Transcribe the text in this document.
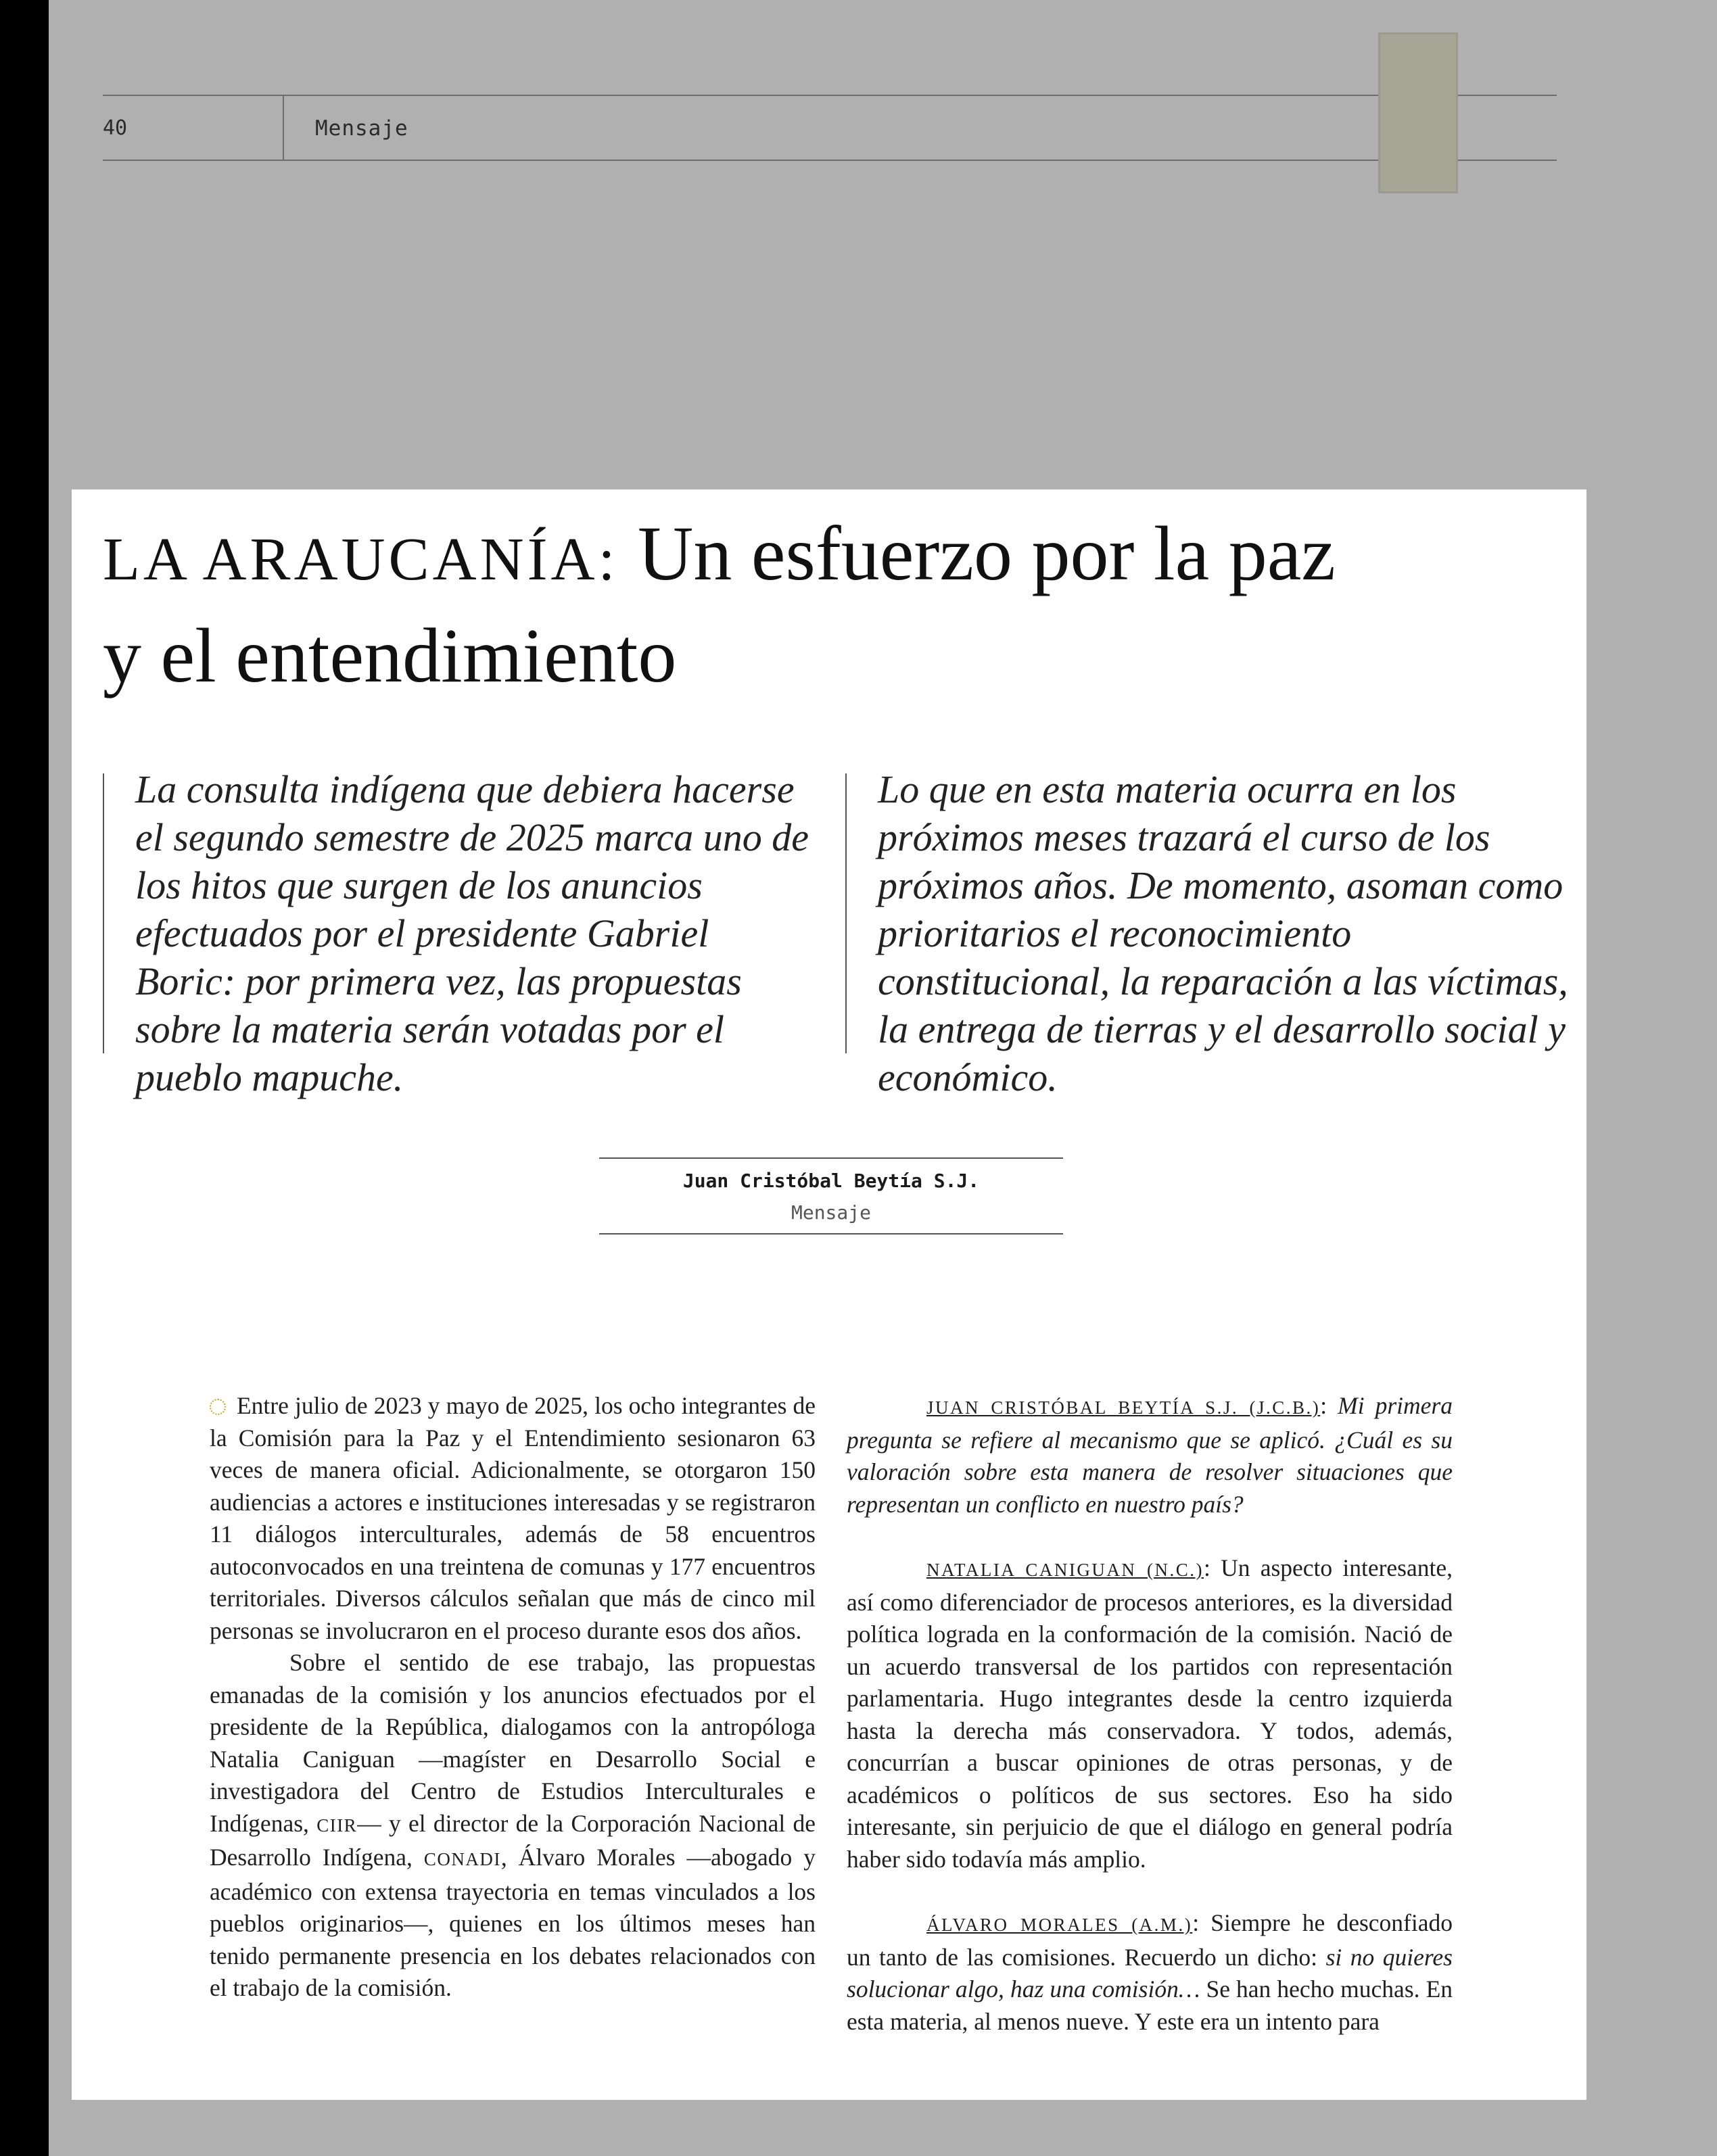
40	Mensaje
LA ARAUCANÍA: Un esfuerzo por la paz
y el entendimiento

La consulta indígena que debiera hacerse el segundo semestre de 2025 marca uno de los hitos que surgen de los anuncios efectuados por el presidente Gabriel Boric: por primera vez, las propuestas sobre la materia serán votadas por el pueblo mapuche.

Lo que en esta materia ocurra en los próximos meses trazará el curso de los próximos años. De momento, asoman como prioritarios el reconocimiento constitucional, la reparación a las víctimas, la entrega de tierras y el desarrollo social y económico.

Juan Cristóbal Beytía S.J.
Mensaje

Entre julio de 2023 y mayo de 2025, los ocho integrantes de la Comisión para la Paz y el Entendimiento sesionaron 63 veces de manera oficial. Adicionalmente, se otorgaron 150 audiencias a actores e instituciones interesadas y se registraron 11 diálogos interculturales, además de 58 encuentros autoconvocados en una treintena de comunas y 177 encuentros territoriales. Diversos cálculos señalan que más de cinco mil personas se involucraron en el proceso durante esos dos años.

Sobre el sentido de ese trabajo, las propuestas emanadas de la comisión y los anuncios efectuados por el presidente de la República, dialogamos con la antropóloga Natalia Caniguan —magíster en Desarrollo Social e investigadora del Centro de Estudios Interculturales e Indígenas, CIIR— y el director de la Corporación Nacional de Desarrollo Indígena, CONADI, Álvaro Morales —abogado y académico con extensa trayectoria en temas vinculados a los pueblos originarios—, quienes en los últimos meses han tenido permanente presencia en los debates relacionados con el trabajo de la comisión.

JUAN CRISTÓBAL BEYTÍA S.J. (J.C.B.): Mi primera pregunta se refiere al mecanismo que se aplicó. ¿Cuál es su valoración sobre esta manera de resolver situaciones que representan un conflicto en nuestro país?

NATALIA CANIGUAN (N.C.): Un aspecto interesante, así como diferenciador de procesos anteriores, es la diversidad política lograda en la conformación de la comisión. Nació de un acuerdo transversal de los partidos con representación parlamentaria. Hugo integrantes desde la centro izquierda hasta la derecha más conservadora. Y todos, además, concurrían a buscar opiniones de otras personas, y de académicos o políticos de sus sectores. Eso ha sido interesante, sin perjuicio de que el diálogo en general podría haber sido todavía más amplio.

ÁLVARO MORALES (A.M.): Siempre he desconfiado un tanto de las comisiones. Recuerdo un dicho: si no quieres solucionar algo, haz una comisión… Se han hecho muchas. En esta materia, al menos nueve. Y este era un intento para
